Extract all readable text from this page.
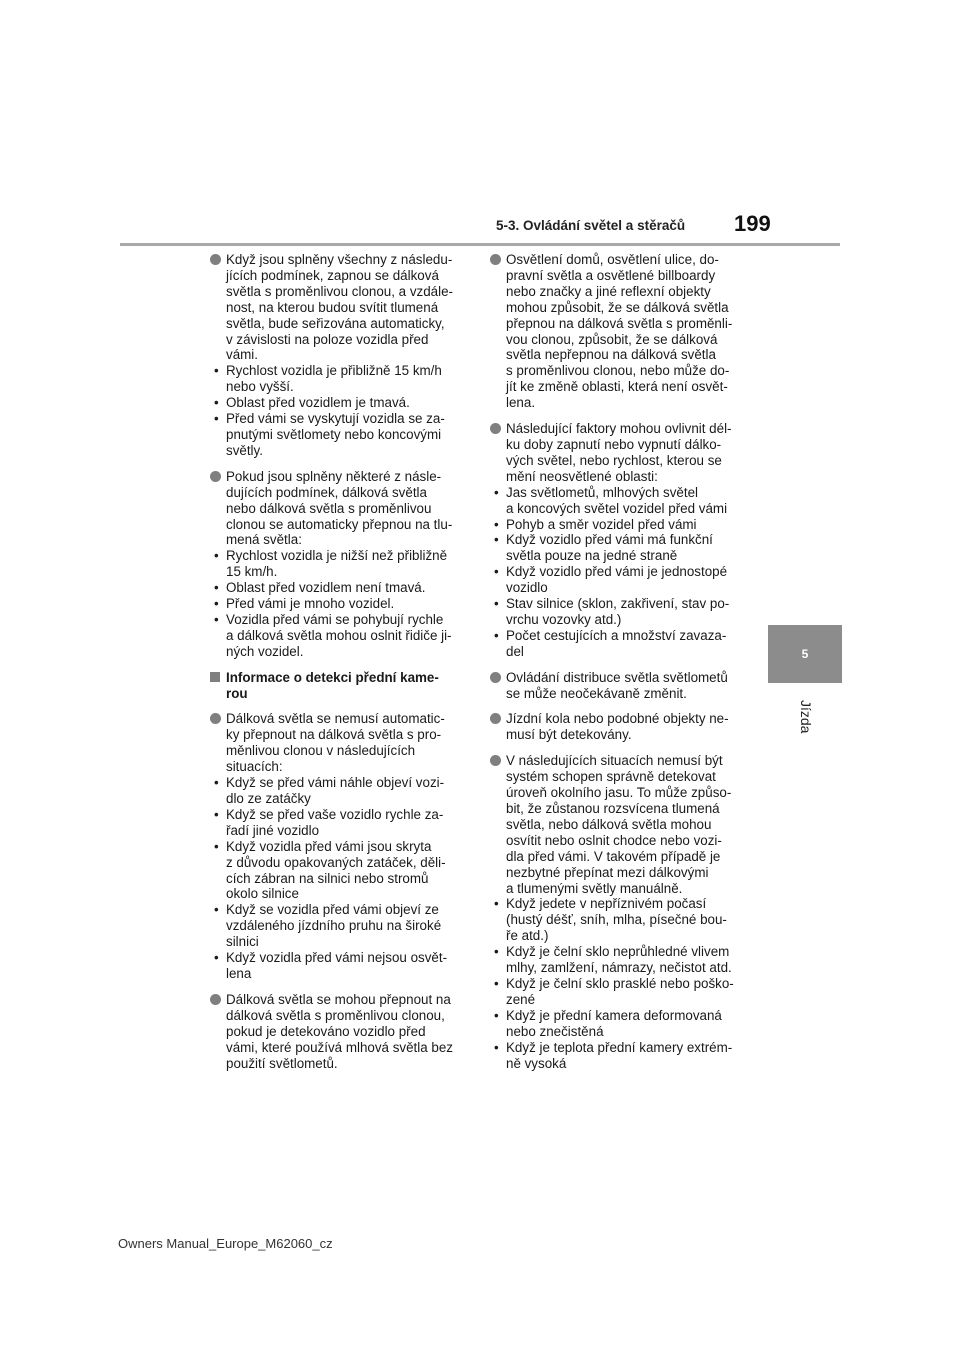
5-3. Ovládání světel a stěračů 199
5
Jízda
Když jsou splněny všechny z následu-
jících podmínek, zapnou se dálková
světla s proměnlivou clonou, a vzdále-
nost, na kterou budou svítit tlumená
světla, bude seřizována automaticky,
v závislosti na poloze vozidla před
vámi.
• Rychlost vozidla je přibližně 15 km/h
nebo vyšší.
• Oblast před vozidlem je tmavá.
• Před vámi se vyskytují vozidla se za-
pnutými světlomety nebo koncovými
světly.
Pokud jsou splněny některé z násle-
dujících podmínek, dálková světla
nebo dálková světla s proměnlivou
clonou se automaticky přepnou na tlu-
mená světla:
• Rychlost vozidla je nižší než přibližně
15 km/h.
• Oblast před vozidlem není tmavá.
• Před vámi je mnoho vozidel.
• Vozidla před vámi se pohybují rychle
a dálková světla mohou oslnit řidiče ji-
ných vozidel.
Informace o detekci přední kame-
rou
Dálková světla se nemusí automatic-
ky přepnout na dálková světla s pro-
měnlivou clonou v následujících
situacích:
• Když se před vámi náhle objeví vozi-
dlo ze zatáčky
• Když se před vaše vozidlo rychle za-
řadí jiné vozidlo
• Když vozidla před vámi jsou skryta
z důvodu opakovaných zatáček, děli-
cích zábran na silnici nebo stromů
okolo silnice
• Když se vozidla před vámi objeví ze
vzdáleného jízdního pruhu na široké
silnici
• Když vozidla před vámi nejsou osvět-
lena
Dálková světla se mohou přepnout na
dálková světla s proměnlivou clonou,
pokud je detekováno vozidlo před
vámi, které používá mlhová světla bez
použití světlometů.
Osvětlení domů, osvětlení ulice, do-
pravní světla a osvětlené billboardy
nebo značky a jiné reflexní objekty
mohou způsobit, že se dálková světla
přepnou na dálková světla s proměnli-
vou clonou, způsobit, že se dálková
světla nepřepnou na dálková světla
s proměnlivou clonou, nebo může do-
jít ke změně oblasti, která není osvět-
lena.
Následující faktory mohou ovlivnit dél-
ku doby zapnutí nebo vypnutí dálko-
vých světel, nebo rychlost, kterou se
mění neosvětlené oblasti:
• Jas světlometů, mlhových světel
a koncových světel vozidel před vámi
• Pohyb a směr vozidel před vámi
• Když vozidlo před vámi má funkční
světla pouze na jedné straně
• Když vozidlo před vámi je jednostopé
vozidlo
• Stav silnice (sklon, zakřivení, stav po-
vrchu vozovky atd.)
• Počet cestujících a množství zavaza-
del
Ovládání distribuce světla světlometů
se může neočekávaně změnit.
Jízdní kola nebo podobné objekty ne-
musí být detekovány.
V následujících situacích nemusí být
systém schopen správně detekovat
úroveň okolního jasu. To může způso-
bit, že zůstanou rozsvícena tlumená
světla, nebo dálková světla mohou
osvítit nebo oslnit chodce nebo vozi-
dla před vámi. V takovém případě je
nezbytné přepínat mezi dálkovými
a tlumenými světly manuálně.
• Když jedete v nepříznivém počasí
(hustý déšť, sníh, mlha, písečné bou-
ře atd.)
• Když je čelní sklo neprůhledné vlivem
mlhy, zamlžení, námrazy, nečistot atd.
• Když je čelní sklo prasklé nebo poško-
zené
• Když je přední kamera deformovaná
nebo znečistěná
• Když je teplota přední kamery extrém-
ně vysoká
Owners Manual_Europe_M62060_cz
